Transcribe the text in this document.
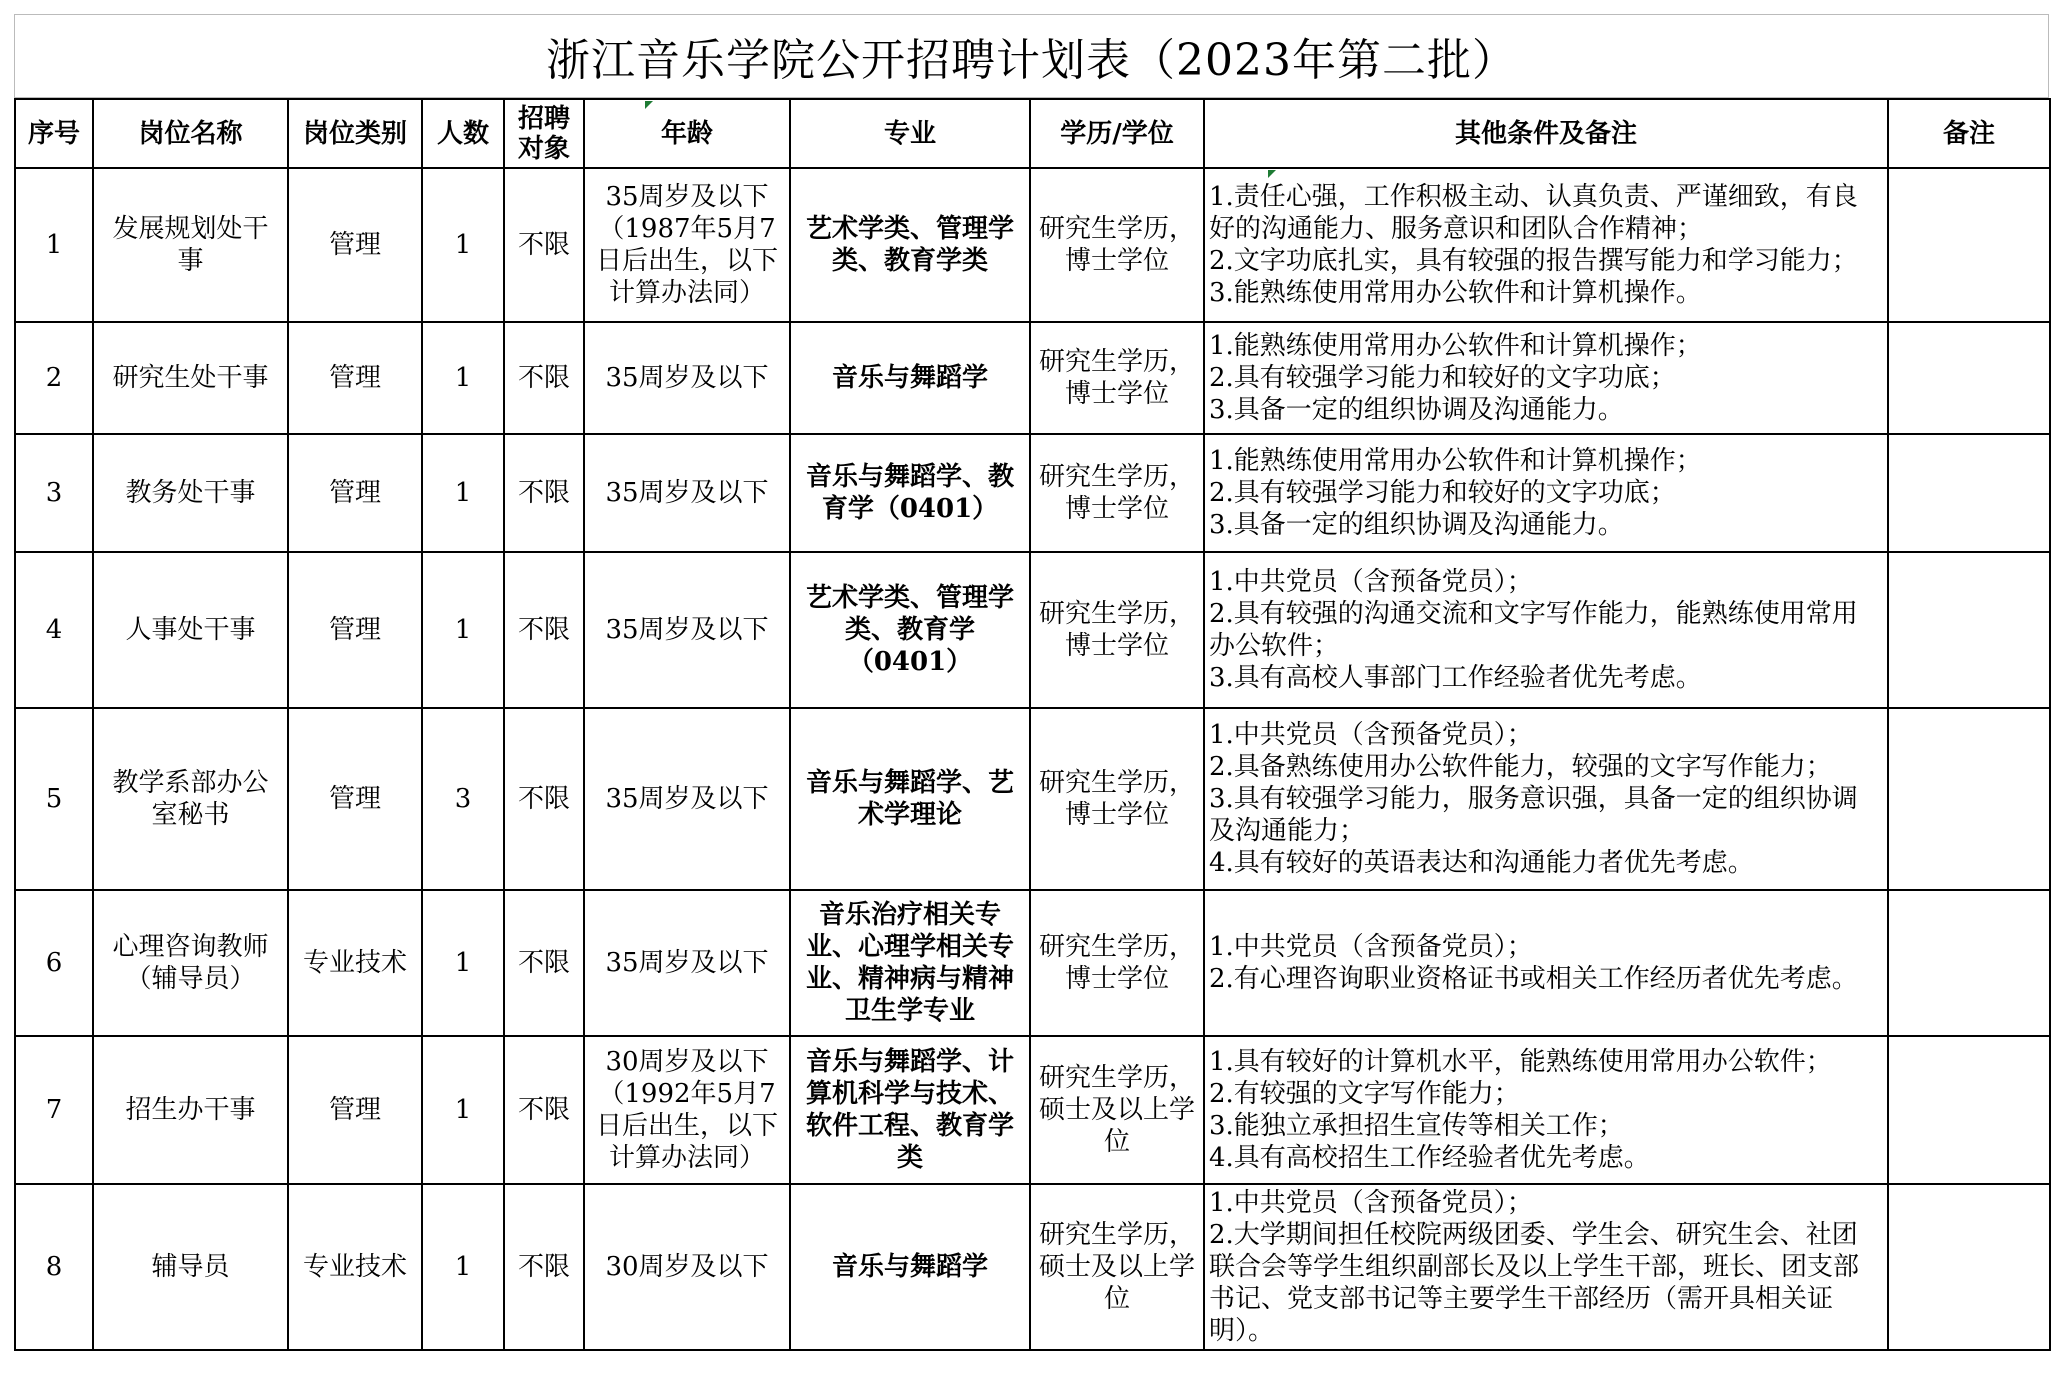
浙江音乐学院公开招聘计划表（2023年第二批）
序号	岗位名称	岗位类别	人数	招聘对象	年龄	专业	学历/学位	其他条件及备注	备注
1	发展规划处干事	管理	1	不限	35周岁及以下（1987年5月7日后出生，以下计算办法同）	艺术学类、管理学类、教育学类	研究生学历，博士学位	1.责任心强，工作积极主动、认真负责、严谨细致，有良好的沟通能力、服务意识和团队合作精神；
2.文字功底扎实，具有较强的报告撰写能力和学习能力；
3.能熟练使用常用办公软件和计算机操作。	

2	研究生处干事	管理	1	不限	35周岁及以下	音乐与舞蹈学	研究生学历，博士学位	1.能熟练使用常用办公软件和计算机操作；
2.具有较强学习能力和较好的文字功底；
3.具备一定的组织协调及沟通能力。	

3	教务处干事	管理	1	不限	35周岁及以下	音乐与舞蹈学、教育学（0401）	研究生学历，博士学位	1.能熟练使用常用办公软件和计算机操作；
2.具有较强学习能力和较好的文字功底；
3.具备一定的组织协调及沟通能力。	

4	人事处干事	管理	1	不限	35周岁及以下	艺术学类、管理学类、教育学（0401）	研究生学历，博士学位	1.中共党员（含预备党员）；
2.具有较强的沟通交流和文字写作能力，能熟练使用常用办公软件；
3.具有高校人事部门工作经验者优先考虑。	

5	教学系部办公室秘书	管理	3	不限	35周岁及以下	音乐与舞蹈学、艺术学理论	研究生学历，博士学位	1.中共党员（含预备党员）；
2.具备熟练使用办公软件能力，较强的文字写作能力；
3.具有较强学习能力，服务意识强，具备一定的组织协调及沟通能力；
4.具有较好的英语表达和沟通能力者优先考虑。	

6	心理咨询教师（辅导员）	专业技术	1	不限	35周岁及以下	音乐治疗相关专业、心理学相关专业、精神病与精神卫生学专业	研究生学历，博士学位	1.中共党员（含预备党员）；
2.有心理咨询职业资格证书或相关工作经历者优先考虑。	

7	招生办干事	管理	1	不限	30周岁及以下（1992年5月7日后出生，以下计算办法同）	音乐与舞蹈学、计算机科学与技术、软件工程、教育学类	研究生学历，硕士及以上学位	1.具有较好的计算机水平，能熟练使用常用办公软件；
2.有较强的文字写作能力；
3.能独立承担招生宣传等相关工作；
4.具有高校招生工作经验者优先考虑。	

8	辅导员	专业技术	1	不限	30周岁及以下	音乐与舞蹈学	研究生学历，硕士及以上学位	1.中共党员（含预备党员）；
2.大学期间担任校院两级团委、学生会、研究生会、社团联合会等学生组织副部长及以上学生干部，班长、团支部书记、党支部书记等主要学生干部经历（需开具相关证明）。	
